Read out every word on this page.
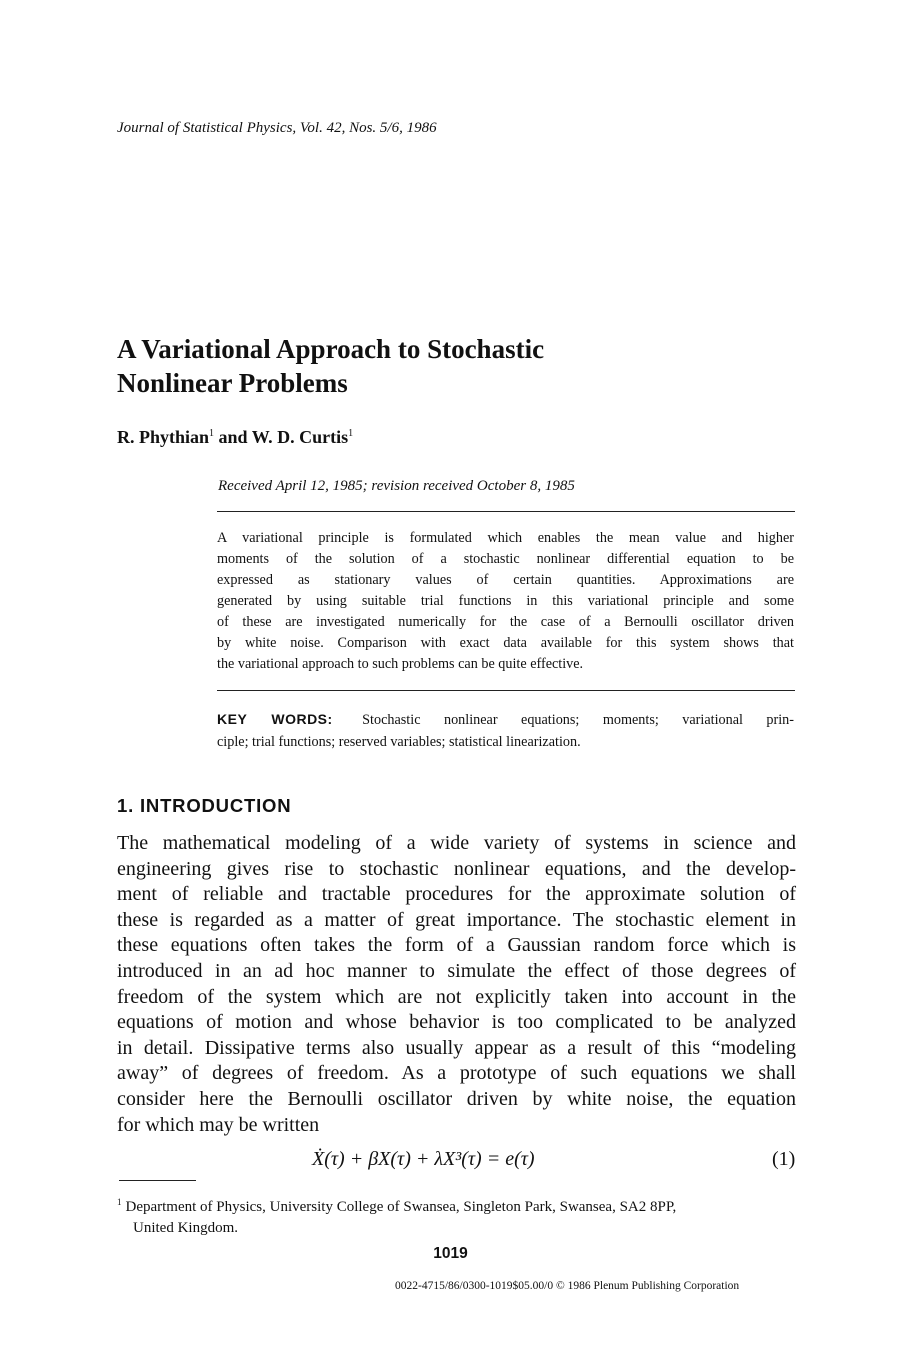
Journal of Statistical Physics, Vol. 42, Nos. 5/6, 1986
A Variational Approach to Stochastic
Nonlinear Problems
R. Phythian$^1$ and W. D. Curtis$^1$
Received April 12, 1985; revision received October 8, 1985
A variational principle is formulated which enables the mean value and higher
moments of the solution of a stochastic nonlinear differential equation to be
expressed as stationary values of certain quantities. Approximations are
generated by using suitable trial functions in this variational principle and some
of these are investigated numerically for the case of a Bernoulli oscillator driven
by white noise. Comparison with exact data available for this system shows that
the variational approach to such problems can be quite effective.
KEY WORDS: Stochastic nonlinear equations; moments; variational prin-
ciple; trial functions; reserved variables; statistical linearization.
1. INTRODUCTION
The mathematical modeling of a wide variety of systems in science and
engineering gives rise to stochastic nonlinear equations, and the develop-
ment of reliable and tractable procedures for the approximate solution of
these is regarded as a matter of great importance. The stochastic element in
these equations often takes the form of a Gaussian random force which is
introduced in an ad hoc manner to simulate the effect of those degrees of
freedom of the system which are not explicitly taken into account in the
equations of motion and whose behavior is too complicated to be analyzed
in detail. Dissipative terms also usually appear as a result of this “modeling
away” of degrees of freedom. As a prototype of such equations we shall
consider here the Bernoulli oscillator driven by white noise, the equation
for which may be written
Ẋ(τ) + βX(τ) + λX³(τ) = e(τ)	(1)
$^1$ Department of Physics, University College of Swansea, Singleton Park, Swansea, SA2 8PP,
United Kingdom.
1019
0022-4715/86/0300-1019$05.00/0 © 1986 Plenum Publishing Corporation
